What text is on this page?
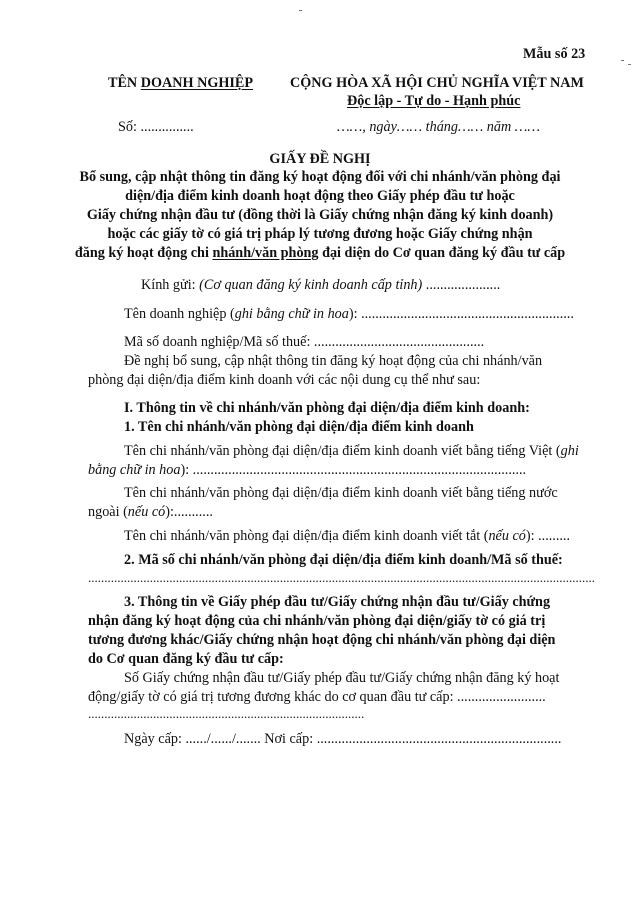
Mẫu số 23
TÊN DOANH NGHIỆP
Số: ...............
CỘNG HÒA XÃ HỘI CHỦ NGHĨA VIỆT NAM
Độc lập - Tự do - Hạnh phúc
……, ngày…… tháng…… năm ……
GIẤY ĐỀ NGHỊ
Bổ sung, cập nhật thông tin đăng ký hoạt động đối với chi nhánh/văn phòng đại
diện/địa điểm kinh doanh hoạt động theo Giấy phép đầu tư hoặc
Giấy chứng nhận đầu tư (đồng thời là Giấy chứng nhận đăng ký kinh doanh)
hoặc các giấy tờ có giá trị pháp lý tương đương hoặc Giấy chứng nhận
đăng ký hoạt động chi nhánh/văn phòng đại diện do Cơ quan đăng ký đầu tư cấp
Kính gửi: (Cơ quan đăng ký kinh doanh cấp tỉnh) .....................
Tên doanh nghiệp (ghi bằng chữ in hoa): ............................................................
Mã số doanh nghiệp/Mã số thuế: ................................................
Đề nghị bổ sung, cập nhật thông tin đăng ký hoạt động của chi nhánh/văn
phòng đại diện/địa điểm kinh doanh với các nội dung cụ thể như sau:
I. Thông tin về chi nhánh/văn phòng đại diện/địa điểm kinh doanh:
1. Tên chi nhánh/văn phòng đại diện/địa điểm kinh doanh
Tên chi nhánh/văn phòng đại diện/địa điểm kinh doanh viết bằng tiếng Việt (ghi
bằng chữ in hoa): ..............................................................................................
Tên chi nhánh/văn phòng đại diện/địa điểm kinh doanh viết bằng tiếng nước
ngoài (nếu có):...........
Tên chi nhánh/văn phòng đại diện/địa điểm kinh doanh viết tắt (nếu có): .........
2. Mã số chi nhánh/văn phòng đại diện/địa điểm kinh doanh/Mã số thuế:
............................................................................................................................................................
3. Thông tin về Giấy phép đầu tư/Giấy chứng nhận đầu tư/Giấy chứng
nhận đăng ký hoạt động của chi nhánh/văn phòng đại diện/giấy tờ có giá trị
tương đương khác/Giấy chứng nhận hoạt động chi nhánh/văn phòng đại diện
do Cơ quan đăng ký đầu tư cấp:
Số Giấy chứng nhận đầu tư/Giấy phép đầu tư/Giấy chứng nhận đăng ký hoạt
động/giấy tờ có giá trị tương đương khác do cơ quan đầu tư cấp: .........................
.....................................................................................
Ngày cấp: ....../....../....... Nơi cấp: .....................................................................
